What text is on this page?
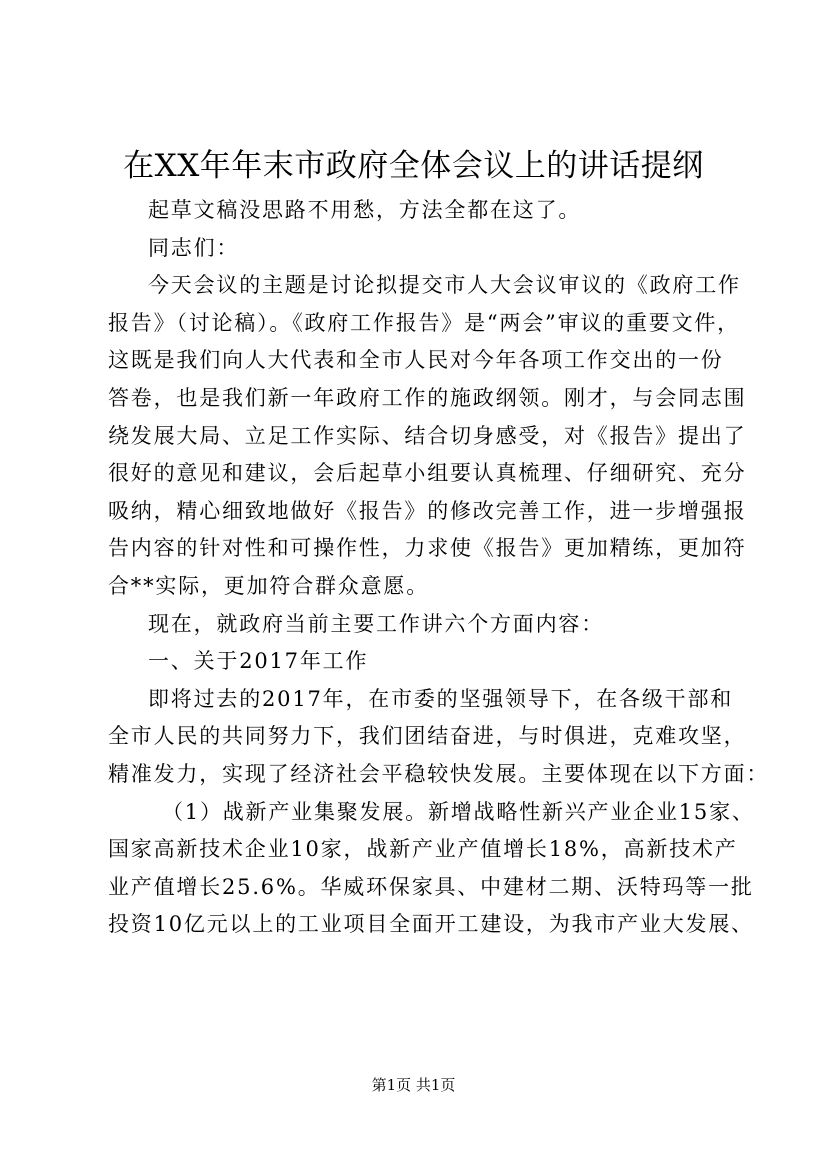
在XX年年末市政府全体会议上的讲话提纲
起草文稿没思路不用愁，方法全都在这了。
同志们：
今天会议的主题是讨论拟提交市人大会议审议的《政府工作
报告》（讨论稿）。《政府工作报告》是“两会”审议的重要文件，
这既是我们向人大代表和全市人民对今年各项工作交出的一份
答卷，也是我们新一年政府工作的施政纲领。刚才，与会同志围
绕发展大局、立足工作实际、结合切身感受，对《报告》提出了
很好的意见和建议，会后起草小组要认真梳理、仔细研究、充分
吸纳，精心细致地做好《报告》的修改完善工作，进一步增强报
告内容的针对性和可操作性，力求使《报告》更加精练，更加符
合**实际，更加符合群众意愿。
现在，就政府当前主要工作讲六个方面内容：
一、关于2017年工作
即将过去的2017年，在市委的坚强领导下，在各级干部和
全市人民的共同努力下，我们团结奋进，与时俱进，克难攻坚，
精准发力，实现了经济社会平稳较快发展。主要体现在以下方面：
（1）战新产业集聚发展。新增战略性新兴产业企业15家、
国家高新技术企业10家，战新产业产值增长18%，高新技术产
业产值增长25.6%。华威环保家具、中建材二期、沃特玛等一批
投资10亿元以上的工业项目全面开工建设，为我市产业大发展、
第1页 共1页
